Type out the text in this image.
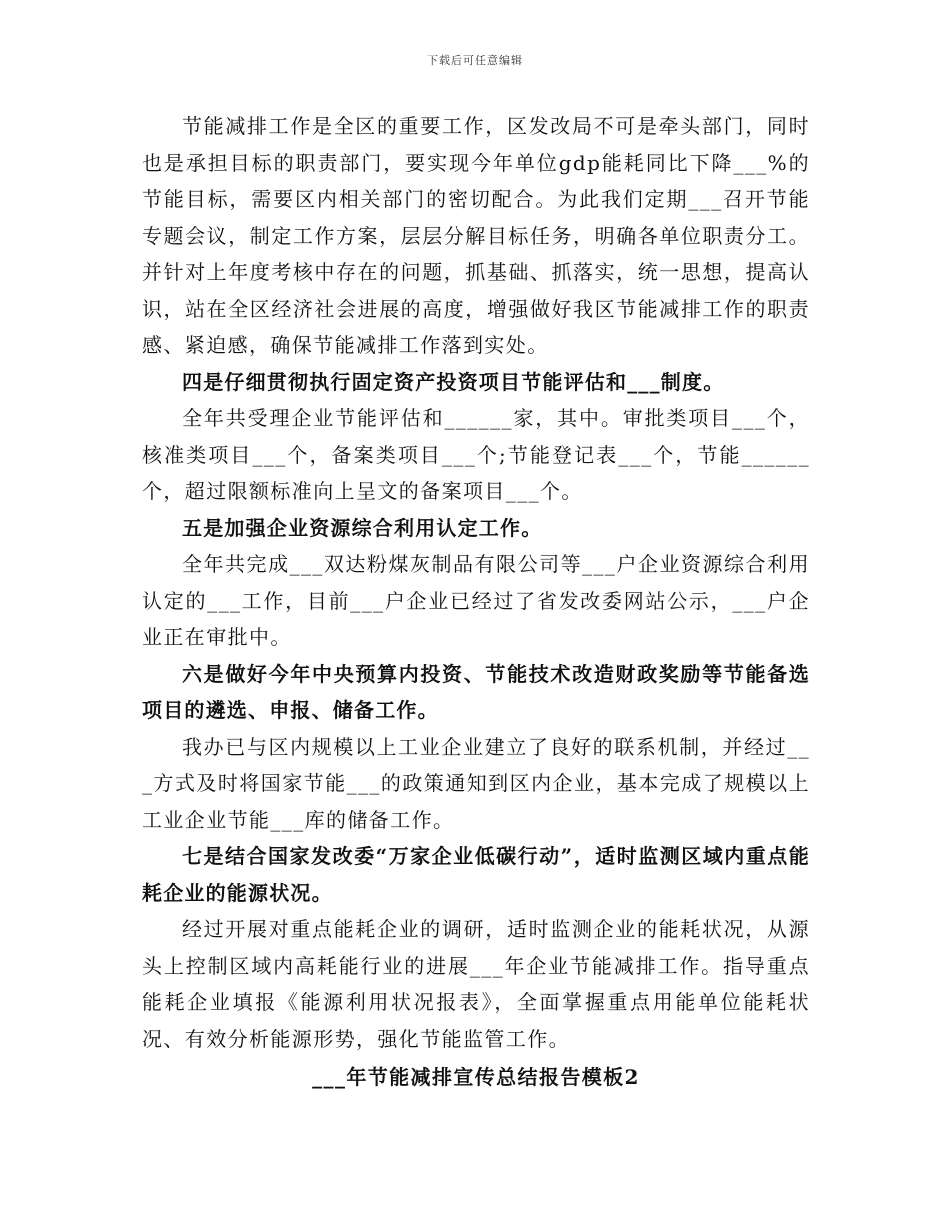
下载后可任意编辑

节能减排工作是全区的重要工作，区发改局不可是牵头部门，同时也是承担目标的职责部门，要实现今年单位gdp能耗同比下降___%的节能目标，需要区内相关部门的密切配合。为此我们定期___召开节能专题会议，制定工作方案，层层分解目标任务，明确各单位职责分工。并针对上年度考核中存在的问题，抓基础、抓落实，统一思想，提高认识，站在全区经济社会进展的高度，增强做好我区节能减排工作的职责感、紧迫感，确保节能减排工作落到实处。

四是仔细贯彻执行固定资产投资项目节能评估和___制度。

全年共受理企业节能评估和______家，其中。审批类项目___个，核准类项目___个，备案类项目___个;节能登记表___个，节能______个，超过限额标准向上呈文的备案项目___个。

五是加强企业资源综合利用认定工作。

全年共完成___双达粉煤灰制品有限公司等___户企业资源综合利用认定的___工作，目前___户企业已经过了省发改委网站公示，___户企业正在审批中。

六是做好今年中央预算内投资、节能技术改造财政奖励等节能备选项目的遴选、申报、储备工作。

我办已与区内规模以上工业企业建立了良好的联系机制，并经过___方式及时将国家节能___的政策通知到区内企业，基本完成了规模以上工业企业节能___库的储备工作。

七是结合国家发改委“万家企业低碳行动”，适时监测区域内重点能耗企业的能源状况。

经过开展对重点能耗企业的调研，适时监测企业的能耗状况，从源头上控制区域内高耗能行业的进展___年企业节能减排工作。指导重点能耗企业填报《能源利用状况报表》，全面掌握重点用能单位能耗状况、有效分析能源形势，强化节能监管工作。

___年节能减排宣传总结报告模板2
